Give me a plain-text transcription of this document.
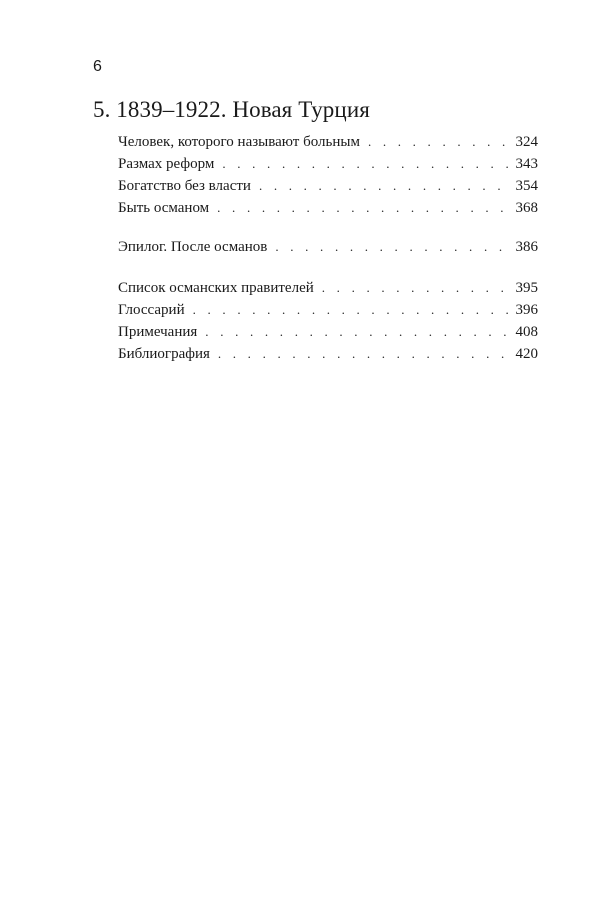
6
5. 1839–1922. Новая Турция
Человек, которого называют больным . . .	324
Размах реформ . . .	343
Богатство без власти . . .	354
Быть османом . . .	368
Эпилог. После османов . . .	386
Список османских правителей . . .	395
Глоссарий . . .	396
Примечания . . .	408
Библиография . . .	420
